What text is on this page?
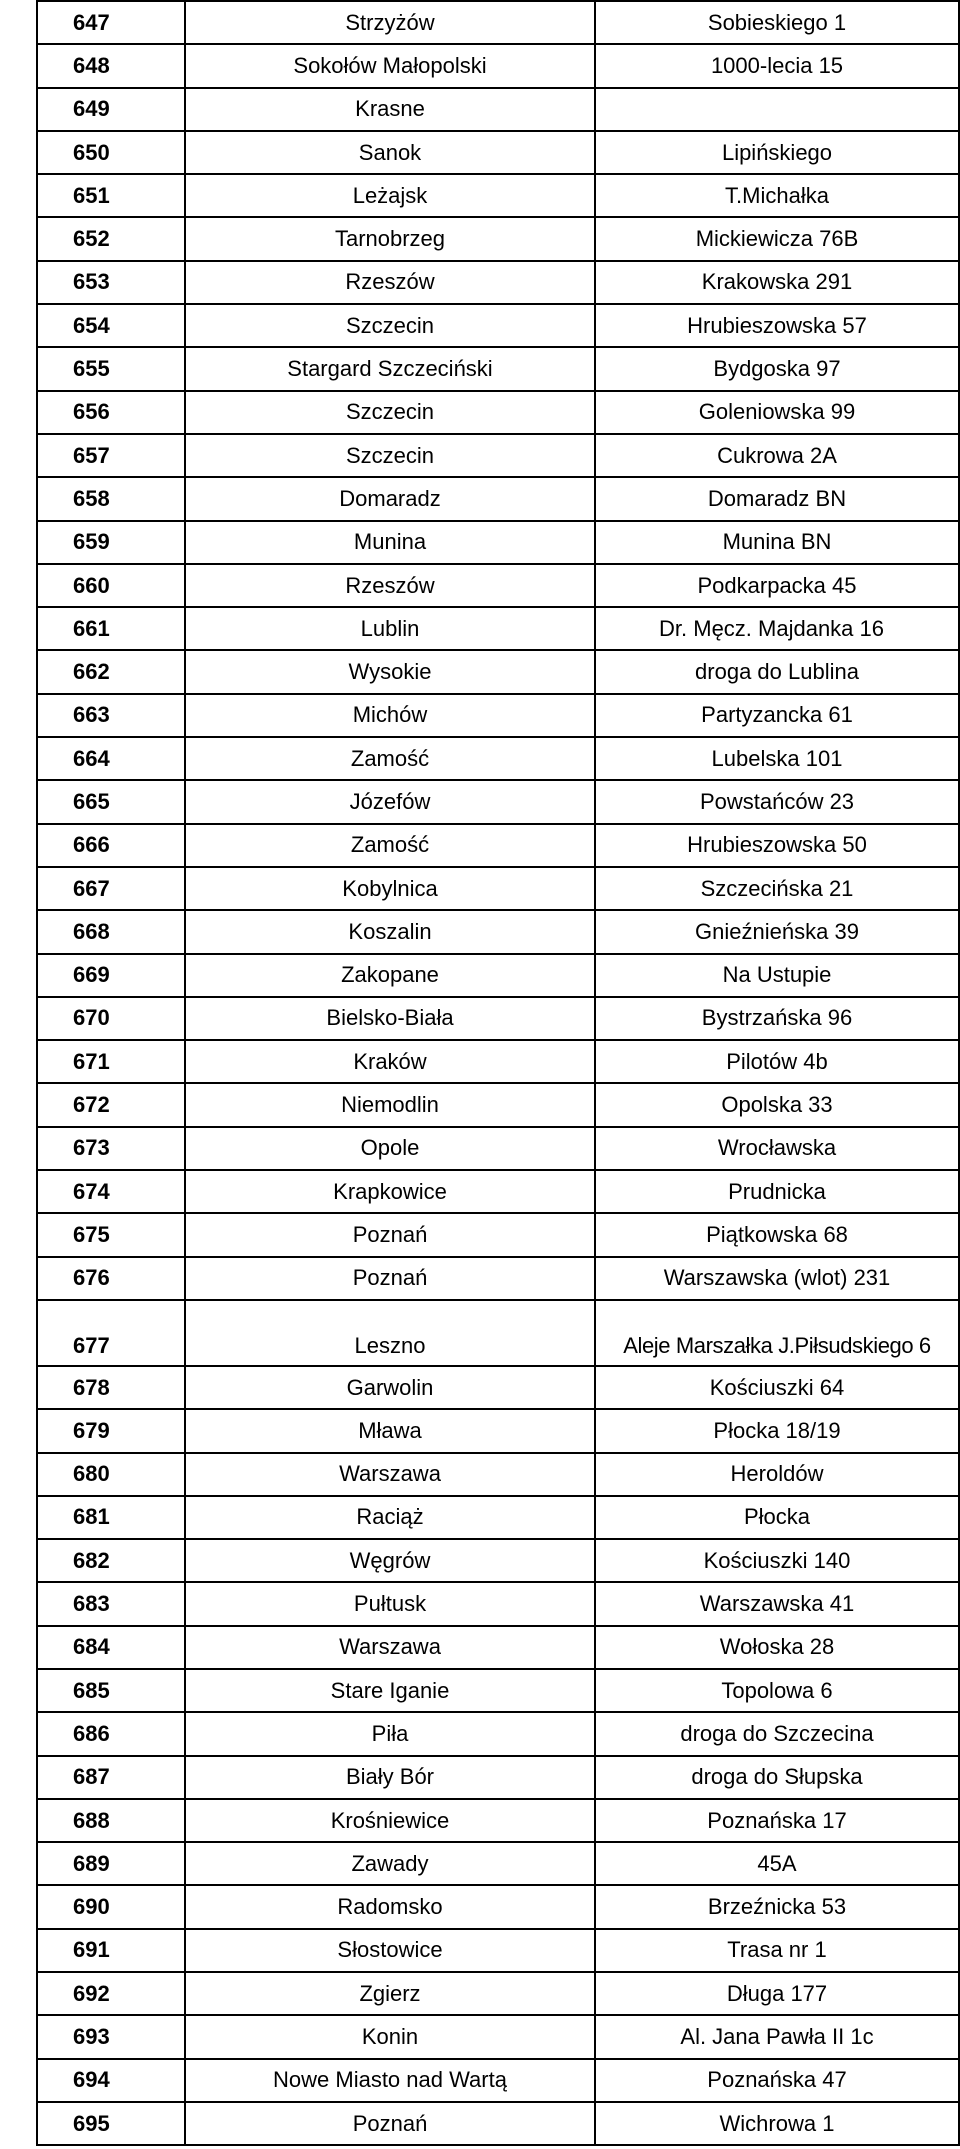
647	Strzyżów	Sobieskiego 1
648	Sokołów Małopolski	1000-lecia 15
649	Krasne	
650	Sanok	Lipińskiego
651	Leżajsk	T.Michałka
652	Tarnobrzeg	Mickiewicza 76B
653	Rzeszów	Krakowska 291
654	Szczecin	Hrubieszowska 57
655	Stargard Szczeciński	Bydgoska 97
656	Szczecin	Goleniowska 99
657	Szczecin	Cukrowa 2A
658	Domaradz	Domaradz BN
659	Munina	Munina BN
660	Rzeszów	Podkarpacka 45
661	Lublin	Dr. Męcz. Majdanka 16
662	Wysokie	droga do Lublina
663	Michów	Partyzancka 61
664	Zamość	Lubelska 101
665	Józefów	Powstańców 23
666	Zamość	Hrubieszowska 50
667	Kobylnica	Szczecińska 21
668	Koszalin	Gnieźnieńska 39
669	Zakopane	Na Ustupie
670	Bielsko-Biała	Bystrzańska 96
671	Kraków	Pilotów 4b
672	Niemodlin	Opolska 33
673	Opole	Wrocławska
674	Krapkowice	Prudnicka
675	Poznań	Piątkowska 68
676	Poznań	Warszawska (wlot) 231
677	Leszno	Aleje Marszałka J.Piłsudskiego 6
678	Garwolin	Kościuszki 64
679	Mława	Płocka 18/19
680	Warszawa	Heroldów
681	Raciąż	Płocka
682	Węgrów	Kościuszki 140
683	Pułtusk	Warszawska 41
684	Warszawa	Wołoska 28
685	Stare Iganie	Topolowa 6
686	Piła	droga do Szczecina
687	Biały Bór	droga do Słupska
688	Krośniewice	Poznańska 17
689	Zawady	45A
690	Radomsko	Brzeźnicka 53
691	Słostowice	Trasa nr 1
692	Zgierz	Długa 177
693	Konin	Al. Jana Pawła II 1c
694	Nowe Miasto nad Wartą	Poznańska 47
695	Poznań	Wichrowa 1
